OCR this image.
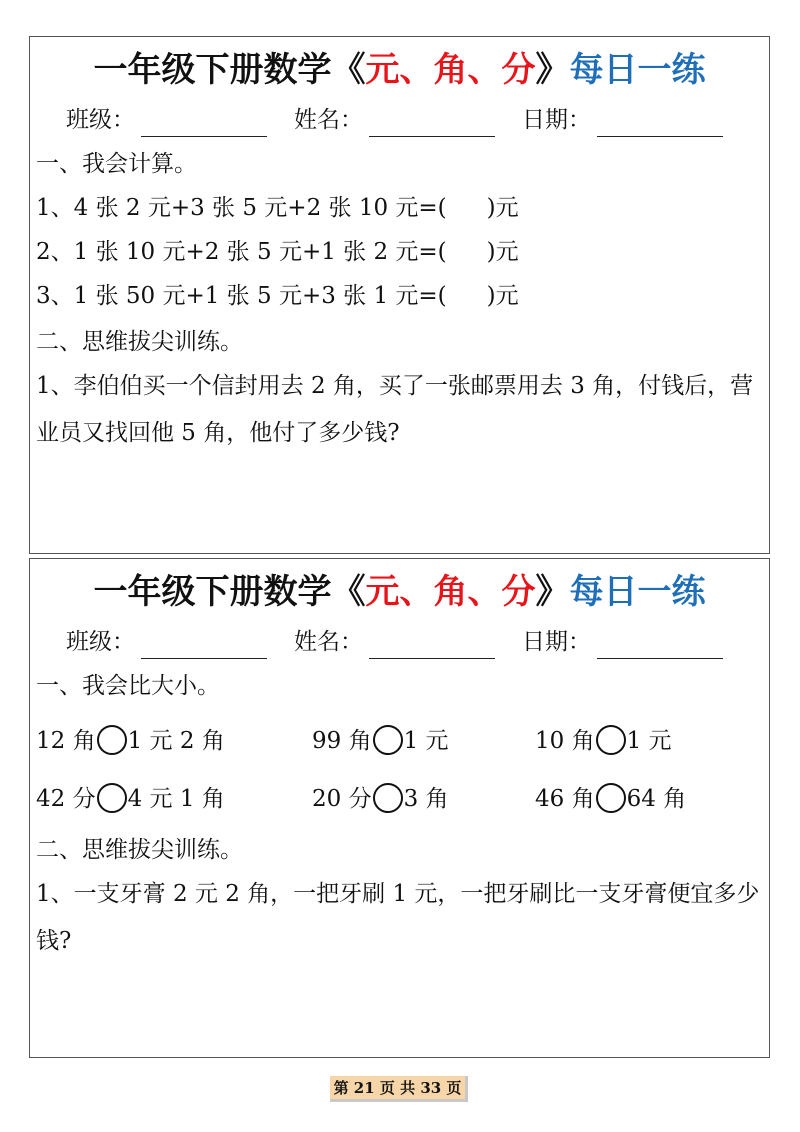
一年级下册数学《元、角、分》每日一练
班级：	姓名：	日期：
一、我会计算。
1、4 张 2 元+3 张 5 元+2 张 10 元=( )元
2、1 张 10 元+2 张 5 元+1 张 2 元=( )元
3、1 张 50 元+1 张 5 元+3 张 1 元=( )元
二、思维拔尖训练。
1、李伯伯买一个信封用去 2 角，买了一张邮票用去 3 角，付钱后，营业员又找回他 5 角，他付了多少钱?
一年级下册数学《元、角、分》每日一练
班级：	姓名：	日期：
一、我会比大小。
12 角 1 元 2 角	99 角 1 元	10 角 1 元
42 分 4 元 1 角	20 分 3 角	46 角 64 角
二、思维拔尖训练。
1、一支牙膏 2 元 2 角，一把牙刷 1 元，一把牙刷比一支牙膏便宜多少钱?
第 21 页 共 33 页
